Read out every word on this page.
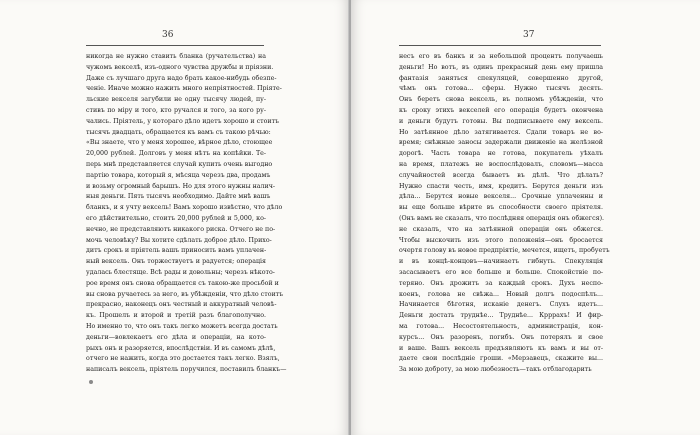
36
никогда не нужно ставить бланка (ручательства) на
чужомъ векселѣ, изъ-одного чувства дружбы и пріязни.
Даже съ лучшаго друга надо брать какое-нибудь обезпе-
ченіе. Иначе можно нажить много непріятностей. Пріяте-
льские векселя загубили не одну тысячу людей, пу-
стивъ по міру и того, кто ручался и того, за кого ру-
чались. Пріятель, у котораго дѣло идетъ хорошо и стоитъ
тысячъ двадцать, обращается къ вамъ съ такою рѣчью:
«Вы знаете, что у меня хорошее, вѣрное дѣло, стоющее
20,000 рублей. Долговъ у меня нѣтъ на копѣйки. Те-
перь мнѣ представляется случай купить очень выгодно
партію товара, который я, мѣсяца черезъ два, продамъ
и возьму огромный барышъ. Но для этого нужны налич-
ныя деньги. Пять тысячъ необходимо. Дайте мнѣ вашъ
бланкъ, и я учту вексель! Вамъ хорошо извѣстно, что дѣло
его дѣйствительно, стоитъ 20,000 рублей и 5,000, ко-
нечно, не представляютъ никакого риска. Отчего не по-
мочь человѣку? Вы хотите сдѣлать доброе дѣло. Прихо-
дитъ срокъ и пріятель вашъ приносить вамъ уплачен-
ный вексель. Онъ торжествуетъ и радуется; операція
удалась блестяще. Всѣ рады и довольны; черезъ нѣкото-
рое время онъ снова обращается съ такою-же просьбой и
вы снова ручаетесь за него, въ убѣжденіи, что дѣло стоитъ
прекрасно, наконецъ онъ честный и аккуратный человѣ-
къ. Прошелъ и второй и третій разъ благополучно.
Но именно то, что онъ такъ легко можетъ всегда достать
деньги—вовлекаетъ его дѣла и операціи, на кото-
рыхъ онъ и разоряется, впослѣдствіи. И въ самомъ дѣлѣ,
отчего не нажить, когда это достается такъ легко. Взялъ,
написалъ вексель, пріятель поручился, поставилъ бланкъ—
37
несъ его въ банкъ и за небольшой процентъ получаешь
деньги! Но вотъ, въ одинъ прекрасный день ему пришла
фантазія заняться спекуляцей, совершенно другой,
чѣмъ онъ готова... сферы. Нужно тысячъ десять.
Онъ беретъ снова вексель, въ полномъ убѣжденіи, что
къ сроку этихъ векселей его операція будетъ окончена
и деньги будутъ готовы. Вы подписываете ему вексель.
Но затѣянное дѣло затягивается. Сдали товаръ не во-
время; снѣжные заносы задержали движеніе на желѣзной
дорогѣ. Часть товара не готова, покупатель уѣхалъ
на время, платежъ не воспослѣдовалъ, словомъ—масса
случайностей всегда бываетъ въ дѣлѣ. Что дѣлать?
Нужно спасти честь, имя, кредитъ. Берутся деньги изъ
дѣла... Берутся новые векселя... Срочные уплаченны и
вы еще больше вѣрите въ способности своего пріятеля.
(Онъ вамъ не сказалъ, что послѣдняя операція онъ обжегся).
не сказалъ, что на затѣянной операціи онъ обжегся.
Чтобы выскочить изъ этого положенія—онъ бросается
очертя голову въ новое предпріятіе, мечется, ищетъ, пробуетъ
и въ концѣ-концовъ—начинаетъ гибнуть. Спекуляція
засасываетъ его все больше и больше. Спокойствіе по-
теряно. Онъ дрожитъ за каждый срокъ. Духъ неспо-
коенъ, голова не свѣжа... Новый долгъ подоспѣлъ...
Начинается бѣготня, исканіе денегъ. Слухъ идетъ...
Деньги достать труднѣе... Труднѣе... Крррахъ! И фир-
ма готова... Несостоятельность, администрація, кон-
курсъ... Онъ разоренъ, погибъ. Онъ потерялъ и свое
и ваше. Вашъ вексель предъявляютъ къ вамъ и вы от-
даете свои послѣдніе гроши. «Мерзавецъ, скажите вы...
За мою доброту, за мою любезность—такъ отблагодарить
